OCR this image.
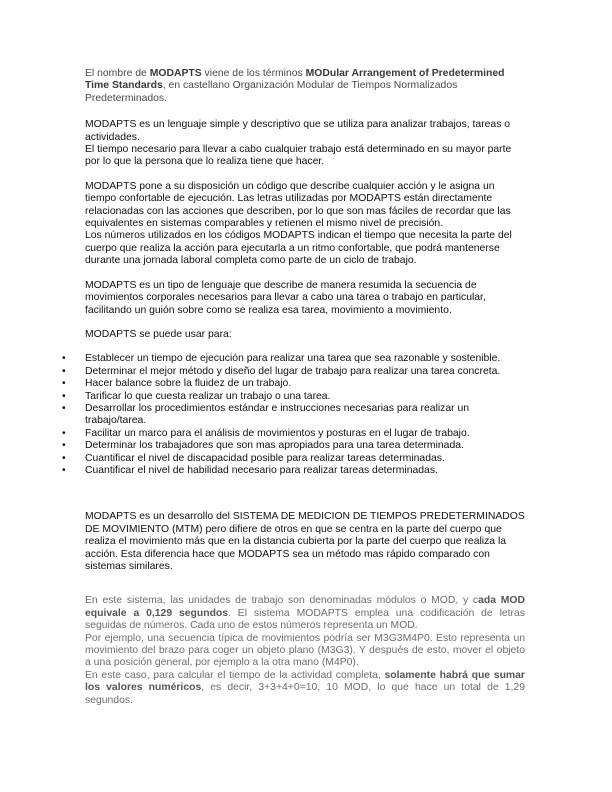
El nombre de MODAPTS viene de los términos MODular Arrangement of Predetermined Time Standards, en castellano Organización Modular de Tiempos Normalizados Predeterminados.

MODAPTS es un lenguaje simple y descriptivo que se utiliza para analizar trabajos, tareas o actividades.

El tiempo necesario para llevar a cabo cualquier trabajo está determinado en su mayor parte por lo que la persona que lo realiza tiene que hacer.

MODAPTS pone a su disposición un código que describe cualquier acción y le asigna un tiempo confortable de ejecución. Las letras utilizadas por MODAPTS están directamente relacionadas con las acciones que describen, por lo que son mas fáciles de recordar que las equivalentes en sistemas comparables y retienen el mismo nivel de precisión.

Los números utilizados en los códigos MODAPTS indican el tiempo que necesita la parte del cuerpo que realiza la acción para ejecutarla a un ritmo confortable, que podrá mantenerse durante una jornada laboral completa como parte de un ciclo de trabajo.

MODAPTS es un tipo de lenguaje que describe de manera resumida la secuencia de movimientos corporales necesarios para llevar a cabo una tarea o trabajo en particular, facilitando un guión sobre como se realiza esa tarea, movimiento a movimiento.

MODAPTS se puede usar para:

• Establecer un tiempo de ejecución para realizar una tarea que sea razonable y sostenible.
• Determinar el mejor método y diseño del lugar de trabajo para realizar una tarea concreta.
• Hacer balance sobre la fluidez de un trabajo.
• Tarificar lo que cuesta realizar un trabajo o una tarea.
• Desarrollar los procedimientos estándar e instrucciones necesarias para realizar un trabajo/tarea.
• Facilitar un marco para el análisis de movimientos y posturas en el lugar de trabajo.
• Determinar los trabajadores que son mas apropiados para una tarea determinada.
• Cuantificar el nivel de discapacidad posible para realizar tareas determinadas.
• Cuantificar el nivel de habilidad necesario para realizar tareas determinadas.

MODAPTS es un desarrollo del SISTEMA DE MEDICION DE TIEMPOS PREDETERMINADOS DE MOVIMIENTO (MTM) pero difiere de otros en que se centra en la parte del cuerpo que realiza el movimiento más que en la distancia cubierta por la parte del cuerpo que realiza la acción. Esta diferencia hace que MODAPTS sea un método mas rápido comparado con sistemas similares.

En este sistema, las unidades de trabajo son denominadas módulos o MOD, y cada MOD equivale a 0,129 segundos. El sistema MODAPTS emplea una codificación de letras seguidas de números. Cada uno de estos números representa un MOD.

Por ejemplo, una secuencia típica de movimientos podría ser M3G3M4P0. Esto representa un movimiento del brazo para coger un objeto plano (M3G3). Y después de esto, mover el objeto a una posición general, por ejemplo a la otra mano (M4P0).

En este caso, para calcular el tiempo de la actividad completa, solamente habrá que sumar los valores numéricos, es decir, 3+3+4+0=10, 10 MOD, lo que hace un total de 1,29 segundos.
